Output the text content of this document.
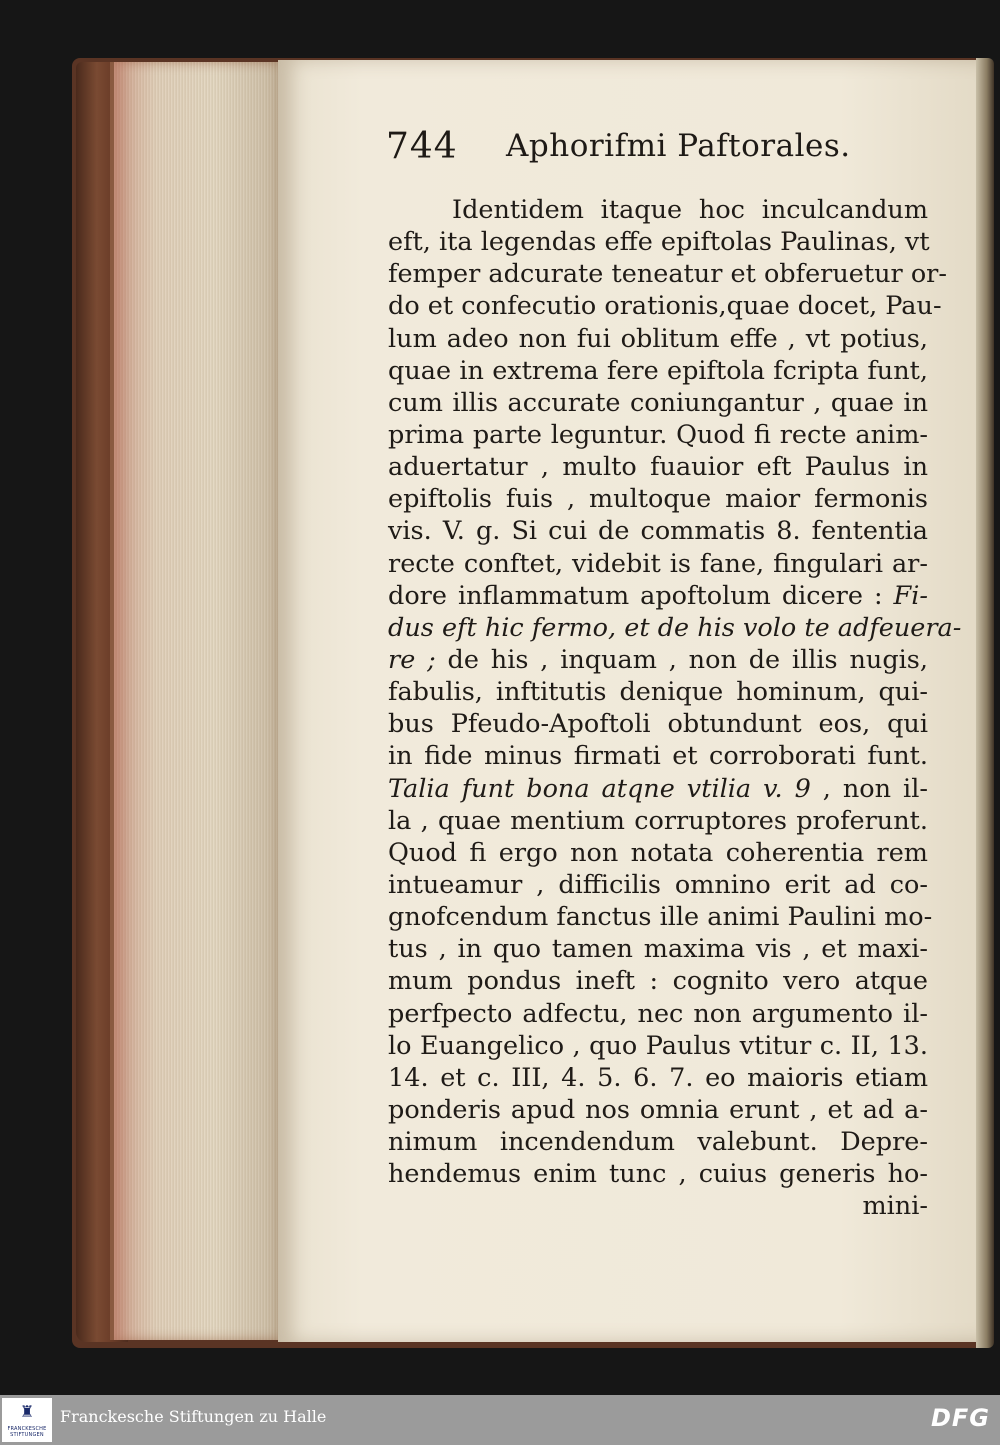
744 Aphorifmi Paftorales.
Identidem itaque hoc inculcandum
eft, ita legendas effe epiftolas Paulinas, vt
femper adcurate teneatur et obferuetur or-
do et confecutio orationis,quae docet, Pau-
lum adeo non fui oblitum effe , vt potius,
quae in extrema fere epiftola fcripta funt,
cum illis accurate coniungantur , quae in
prima parte leguntur. Quod fi recte anim-
aduertatur , multo fuauior eft Paulus in
epiftolis fuis , multoque maior fermonis
vis. V. g. Si cui de commatis 8. fententia
recte conftet, videbit is fane, fingulari ar-
dore inflammatum apoftolum dicere : Fi-
dus eft hic fermo, et de his volo te adfeuera-
re ; de his , inquam , non de illis nugis,
fabulis, inftitutis denique hominum, qui-
bus Pfeudo-Apoftoli obtundunt eos, qui
in fide minus firmati et corroborati funt.
Talia funt bona atqne vtilia v. 9 , non il-
la , quae mentium corruptores proferunt.
Quod fi ergo non notata coherentia rem
intueamur , difficilis omnino erit ad co-
gnofcendum fanctus ille animi Paulini mo-
tus , in quo tamen maxima vis , et maxi-
mum pondus ineft : cognito vero atque
perfpecto adfectu, nec non argumento il-
lo Euangelico , quo Paulus vtitur c. II, 13.
14. et c. III, 4. 5. 6. 7. eo maioris etiam
ponderis apud nos omnia erunt , et ad a-
nimum incendendum valebunt. Depre-
hendemus enim tunc , cuius generis ho-
mini-
♜
FRANCKESCHE STIFTUNGEN
Franckesche Stiftungen zu Halle	DFG
